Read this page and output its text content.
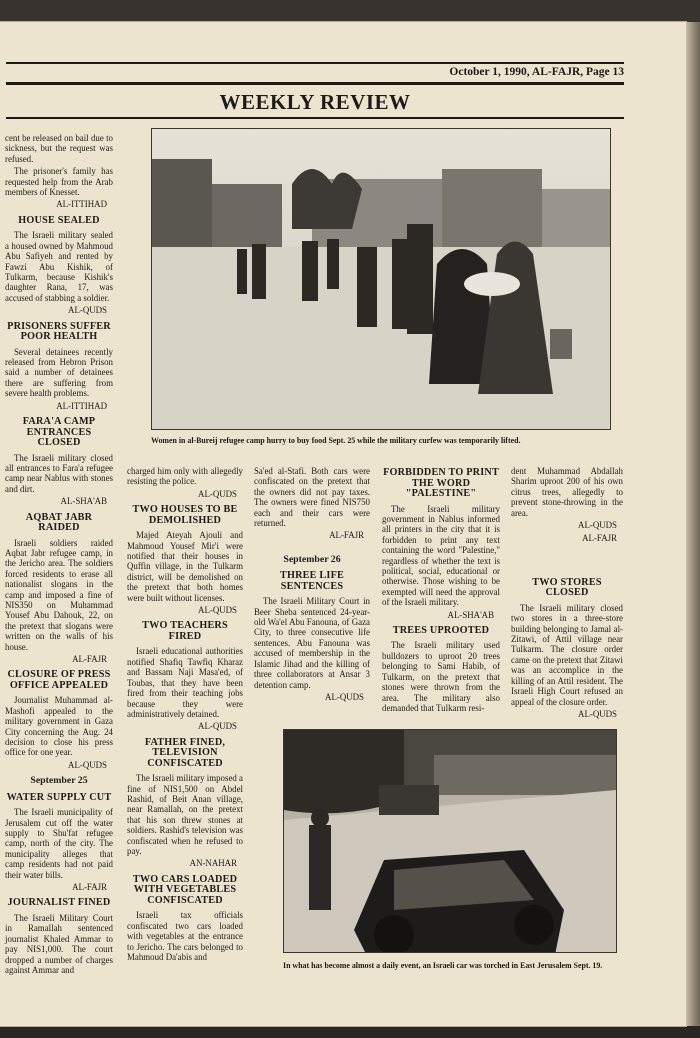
October 1, 1990, AL-FAJR, Page 13
WEEKLY REVIEW

cent be released on bail due to sickness, but the request was refused.

The prisoner's family has requested help from the Arab members of Knesset.

AL-ITTIHAD
HOUSE SEALED

The Israeli military sealed a housed owned by Mahmoud Abu Safiyeh and rented by Fawzi Abu Kishik, of Tulkarm, because Kishik's daughter Rana, 17, was accused of stabbing a soldier.

AL-QUDS
PRISONERS SUFFER POOR HEALTH

Several detainees recently released from Hebron Prison said a number of detainees there are suffering from severe health problems.

AL-ITTIHAD
FARA'A CAMP ENTRANCES CLOSED

The Israeli military closed all entrances to Fara'a refugee camp near Nablus with stones and dirt.

AL-SHA'AB
AQBAT JABR RAIDED

Israeli soldiers raided Aqbat Jabr refugee camp, in the Jericho area. The soldiers forced residents to erase all nationalist slogans in the camp and imposed a fine of NIS350 on Muhammad Yousef Abu Dahouk, 22, on the pretext that slogans were written on the walls of his house.

AL-FAJR
CLOSURE OF PRESS OFFICE APPEALED

Journalist Muhammad al-Mashofi appealed to the military government in Gaza City concerning the Aug. 24 decision to close his press office for one year.

AL-QUDS
September 25
WATER SUPPLY CUT

The Israeli municipality of Jerusalem cut off the water supply to Shu'fat refugee camp, north of the city. The municipality alleges that camp residents had not paid their water bills.

AL-FAJR
JOURNALIST FINED

The Israeli Military Court in Ramallah sentenced journalist Khaled Ammar to pay NIS1,000. The court dropped a number of charges against Ammar and

Women in al-Bureij refugee camp hurry to buy food Sept. 25 while the military curfew was temporarily lifted.

charged him only with allegedly resisting the police.

AL-QUDS
TWO HOUSES TO BE DEMOLISHED

Majed Ateyah Ajouli and Mahmoud Yousef Mir'i were notified that their houses in Quffin village, in the Tulkarm district, will be demolished on the pretext that both homes were built without licenses.

AL-QUDS
TWO TEACHERS FIRED

Israeli educational authorities notified Shafiq Tawfiq Kharaz and Bassam Naji Masa'ed, of Toubas, that they have been fired from their teaching jobs because they were administratively detained.

AL-QUDS
FATHER FINED, TELEVISION CONFISCATED

The Israeli military imposed a fine of NIS1,500 on Abdel Rashid, of Beit Anan village, near Ramallah, on the pretext that his son threw stones at soldiers. Rashid's television was confiscated when he refused to pay.

AN-NAHAR
TWO CARS LOADED WITH VEGETABLES CONFISCATED

Israeli tax officials confiscated two cars loaded with vegetables at the entrance to Jericho. The cars belonged to Mahmoud Da'abis and

Sa'ed al-Stafi. Both cars were confiscated on the pretext that the owners did not pay taxes. The owners were fined NIS750 each and their cars were returned.

AL-FAJR
September 26
THREE LIFE SENTENCES

The Israeli Military Court in Beer Sheba sentenced 24-year-old Wa'el Abu Fanouna, of Gaza City, to three consecutive life sentences. Abu Fanouna was accused of membership in the Islamic Jihad and the killing of three collaborators at Ansar 3 detention camp.

AL-QUDS
FORBIDDEN TO PRINT THE WORD "PALESTINE"

The Israeli military government in Nablus informed all printers in the city that it is forbidden to print any text containing the word "Palestine," regardless of whether the text is political, social, educational or otherwise. Those wishing to be exempted will need the approval of the Israeli military.

AL-SHA'AB
TREES UPROOTED

The Israeli military used bulldozers to uproot 20 trees belonging to Sami Habib, of Tulkarm, on the pretext that stones were thrown from the area. The military also demanded that Tulkarm resi-

dent Muhammad Abdallah Sharim uproot 200 of his own citrus trees, allegedly to prevent stone-throwing in the area.

AL-QUDS
AL-FAJR
TWO STORES CLOSED

The Israeli military closed two stores in a three-store building belonging to Jamal al-Zitawi, of Attil village near Tulkarm. The closure order came on the pretext that Zitawi was an accomplice in the killing of an Attil resident. The Israeli High Court refused an appeal of the closure order.

AL-QUDS
In what has become almost a daily event, an Israeli car was torched in East Jerusalem Sept. 19.
